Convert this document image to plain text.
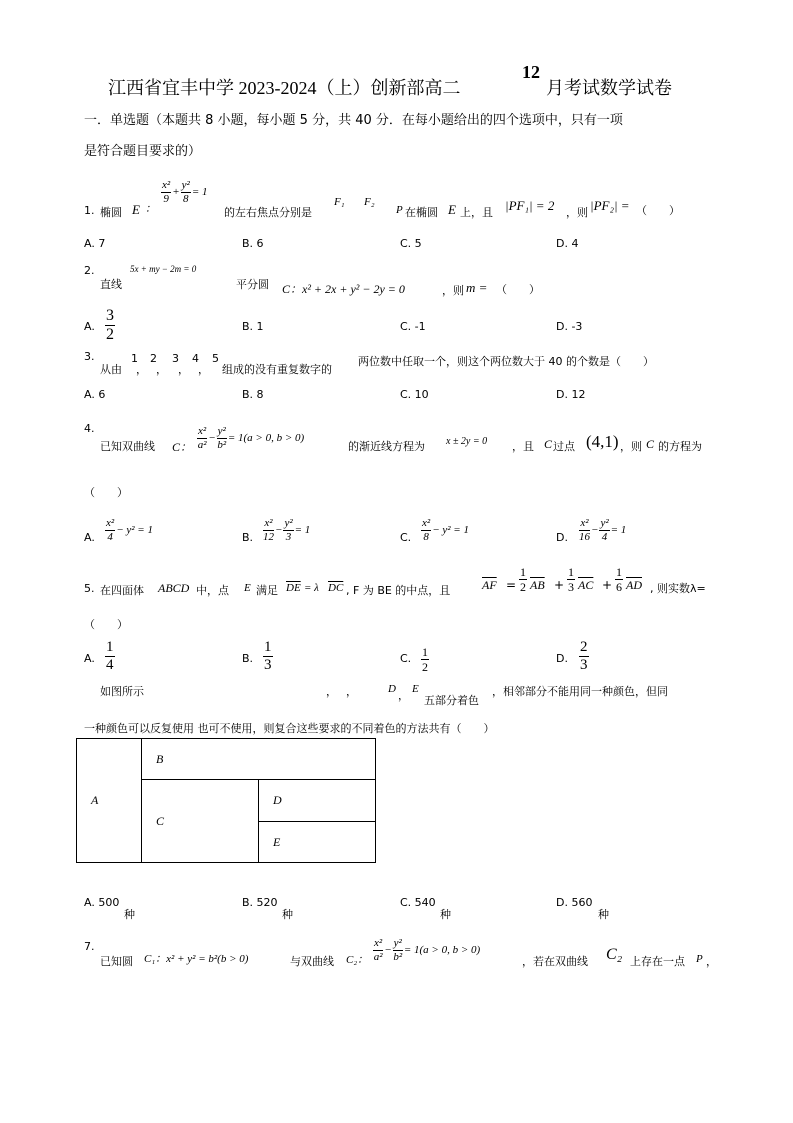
江西省宜丰中学 2023-2024（上）创新部高二
12
月考试数学试卷
一．单选题（本题共 8 小题，每小题 5 分，共 40 分．在每小题给出的四个选项中，只有一项
是符合题目要求的）
1. 椭圆 E ：
$\frac{\text{x²}}{9} + \frac{\text{y²}}{8} = 1$
的左右焦点分别是
F₁ F₂
P 在椭圆 E 上，且 |PF₁| = 2 ，则 |PF₂| = （　　）
A. 7	B. 6	C. 5	D. 4
2.
直线
5x + my − 2m = 0
平分圆 C：x² + 2x + y² − 2y = 0	，则 m = （　　）
A. $\frac{3}{2}$	B. 1	C. -1	D. -3
3.
从由
1
，
2
，
3
，
4
，
5
组成的没有重复数字的
两位数中任取一个，则这个两位数大于 40 的个数是（　　）
A. 6	B. 8	C. 10	D. 12
4.
已知双曲线 C： $\frac{\text{x²}}{\text{a²}} - \frac{\text{y²}}{\text{b²}} = 1(a > 0$, b > 0)
的渐近线方程为 x ± 2y = 0 ，且 C 过点 (4,1) ，则 C 的方程为
（　　）
A. $\frac{\text{x²}}{4} - y^2 = 1$
B. $\frac{\text{x²}}{12} - \frac{\text{y²}}{3} = 1$
C. $\frac{\text{x²}}{8} - y^2 = 1$
D. $\frac{\text{x²}}{16} - \frac{\text{y²}}{4} = 1$
5. 在四面体 ABCD 中，点 E 满足 $\overline{DE} = \lambda$ $\overline{DC}$ , F 为 BE 的中点，且	$\overline{AF} = \frac{1}{2} \overline{AB} + \frac{1}{3} \overline{AC} + \frac{1}{6} \overline{AD}$ , 则实数λ=
（　　）
A. $\frac{1}{4}$	B. $\frac{1}{3}$	C. $\frac{1}{2}$	D. $\frac{2}{3}$
如图所示	， ，	D ， E
五部分着色
，相邻部分不能用同一种颜色，但同
一种颜色可以反复使用 也可不使用，则复合这些要求的不同着色的方法共有（　　）
A	B	
	C	D
		E
A. 500
种
B. 520
种
C. 540
种
D. 560
种
7.
已知圆 C₁：x² + y² = b²(b > 0)	与双曲线 C₂： $\frac{\text{x²}}{\text{a²}} - \frac{\text{y²}}{\text{b²}} = 1(a > 0$, b > 0)
，若在双曲线 C₂ 上存在一点 P ，
